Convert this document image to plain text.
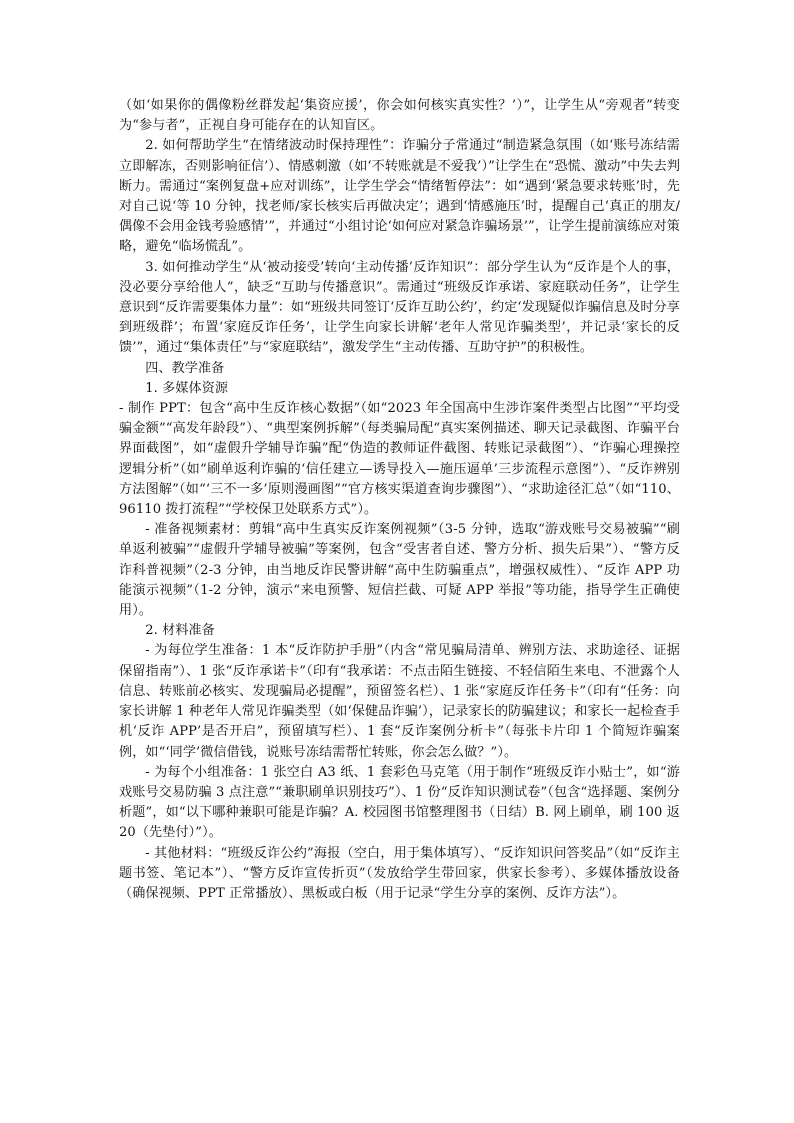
（如‘如果你的偶像粉丝群发起‘集资应援’，你会如何核实真实性？’）”，让学生从“旁观者”转变为“参与者”，正视自身可能存在的认知盲区。

2. 如何帮助学生“在情绪波动时保持理性”：诈骗分子常通过“制造紧急氛围（如‘账号冻结需立即解冻，否则影响征信’）、情感刺激（如‘不转账就是不爱我’）”让学生在“恐慌、激动”中失去判断力。需通过“案例复盘+应对训练”，让学生学会“情绪暂停法”：如“遇到‘紧急要求转账’时，先对自己说‘等 10 分钟，找老师/家长核实后再做决定’；遇到‘情感施压’时，提醒自己‘真正的朋友/偶像不会用金钱考验感情’”，并通过“小组讨论‘如何应对紧急诈骗场景’”，让学生提前演练应对策略，避免“临场慌乱”。

3. 如何推动学生“从‘被动接受’转向‘主动传播’反诈知识”：部分学生认为“反诈是个人的事，没必要分享给他人”，缺乏“互助与传播意识”。需通过“班级反诈承诺、家庭联动任务”，让学生意识到“反诈需要集体力量”：如“班级共同签订‘反诈互助公约’，约定‘发现疑似诈骗信息及时分享到班级群’；布置‘家庭反诈任务’，让学生向家长讲解‘老年人常见诈骗类型’，并记录‘家长的反馈’”，通过“集体责任”与“家庭联结”，激发学生“主动传播、互助守护”的积极性。

四、教学准备

1. 多媒体资源

- 制作 PPT：包含“高中生反诈核心数据”（如“2023 年全国高中生涉诈案件类型占比图”“平均受骗金额”“高发年龄段”）、“典型案例拆解”（每类骗局配“真实案例描述、聊天记录截图、诈骗平台界面截图”，如“虚假升学辅导诈骗”配“伪造的教师证件截图、转账记录截图”）、“诈骗心理操控逻辑分析”（如“刷单返利诈骗的‘信任建立—诱导投入—施压逼单’三步流程示意图”）、“反诈辨别方法图解”（如“‘三不一多’原则漫画图”“官方核实渠道查询步骤图”）、“求助途径汇总”（如“110、96110 拨打流程”“学校保卫处联系方式”）。

- 准备视频素材：剪辑“高中生真实反诈案例视频”（3-5 分钟，选取“游戏账号交易被骗”“刷单返利被骗”“虚假升学辅导被骗”等案例，包含“受害者自述、警方分析、损失后果”）、“警方反诈科普视频”（2-3 分钟，由当地反诈民警讲解“高中生防骗重点”，增强权威性）、“反诈 APP 功能演示视频”（1-2 分钟，演示“来电预警、短信拦截、可疑 APP 举报”等功能，指导学生正确使用）。

2. 材料准备

- 为每位学生准备：1 本“反诈防护手册”（内含“常见骗局清单、辨别方法、求助途径、证据保留指南”）、1 张“反诈承诺卡”（印有“我承诺：不点击陌生链接、不轻信陌生来电、不泄露个人信息、转账前必核实、发现骗局必提醒”，预留签名栏）、1 张“家庭反诈任务卡”（印有“任务：向家长讲解 1 种老年人常见诈骗类型（如‘保健品诈骗’），记录家长的防骗建议；和家长一起检查手机‘反诈 APP’是否开启”，预留填写栏）、1 套“反诈案例分析卡”（每张卡片印 1 个简短诈骗案例，如“‘同学’微信借钱，说账号冻结需帮忙转账，你会怎么做？”）。

- 为每个小组准备：1 张空白 A3 纸、1 套彩色马克笔（用于制作“班级反诈小贴士”，如“游戏账号交易防骗 3 点注意”“兼职刷单识别技巧”）、1 份“反诈知识测试卷”（包含“选择题、案例分析题”，如“以下哪种兼职可能是诈骗？A. 校园图书馆整理图书（日结）B. 网上刷单，刷 100 返 20（先垫付）”）。

- 其他材料：“班级反诈公约”海报（空白，用于集体填写）、“反诈知识问答奖品”（如“反诈主题书签、笔记本”）、“警方反诈宣传折页”（发放给学生带回家，供家长参考）、多媒体播放设备（确保视频、PPT 正常播放）、黑板或白板（用于记录“学生分享的案例、反诈方法”）。
